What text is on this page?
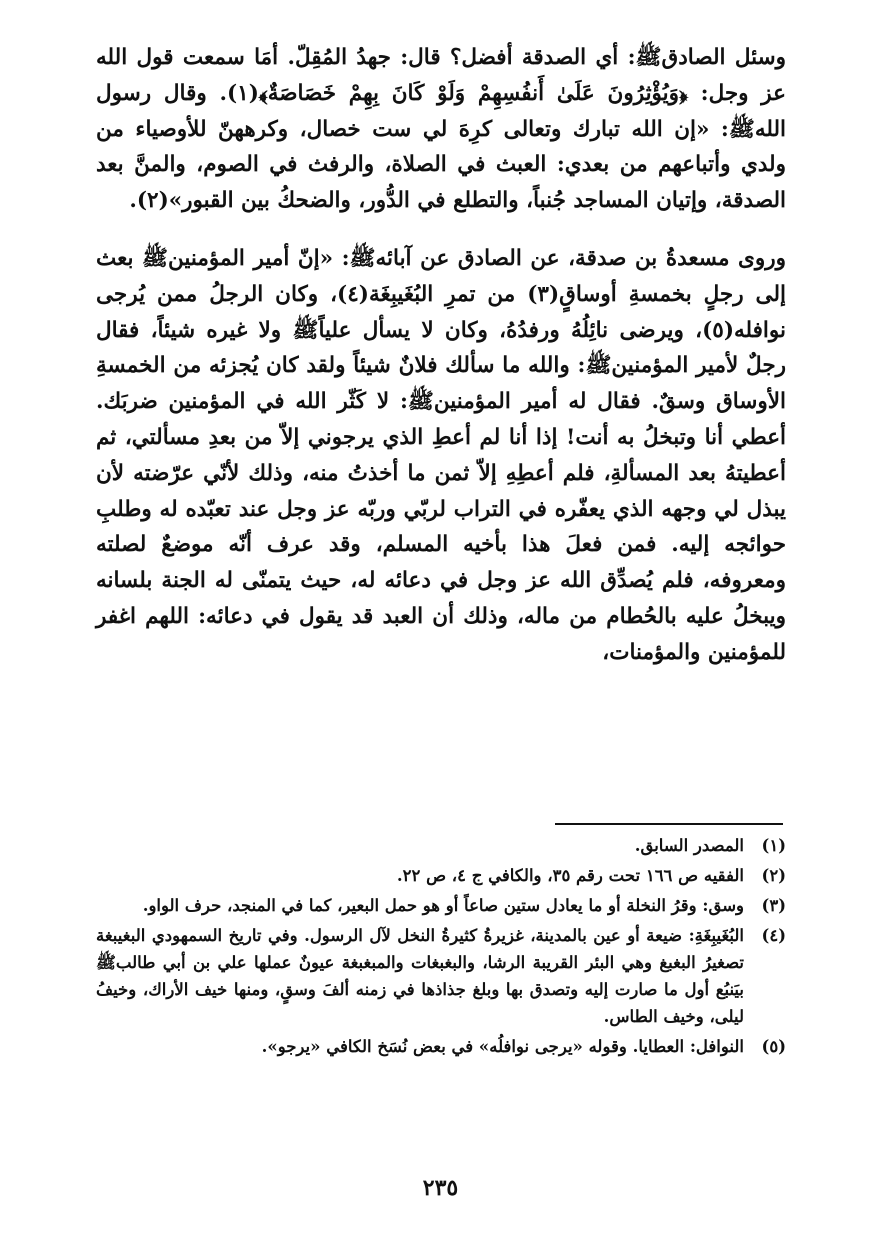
وسئل الصادقﷺ: أي الصدقة أفضل؟ قال: جهدُ المُقِلّ. أمَا سمعت قول الله عز وجل: ﴿وَيُؤْثِرُونَ عَلَىٰ أَنفُسِهِمْ وَلَوْ كَانَ بِهِمْ خَصَاصَةٌ﴾(١). وقال رسول اللهﷺ: «إن الله تبارك وتعالى كرِهَ لي ست خصال، وكرههنّ للأوصياء من ولدي وأتباعهم من بعدي: العبث في الصلاة، والرفث في الصوم، والمنَّ بعد الصدقة، وإتيان المساجد جُنباً، والتطلع في الدُّور، والضحكُ بين القبور»(٢).

وروى مسعدةُ بن صدقة، عن الصادق عن آبائهﷺ: «إنّ أمير المؤمنينﷺ بعث إلى رجلٍ بخمسةِ أوساقٍ(٣) من تمرِ البُغَيبِغَة(٤)، وكان الرجلُ ممن يُرجى نوافله(٥)، ويرضى نائِلُهُ ورفدُهُ، وكان لا يسأل علياًﷺ ولا غيره شيئاً، فقال رجلٌ لأمير المؤمنينﷺ: والله ما سألك فلانٌ شيئاً ولقد كان يُجزئه من الخمسةِ الأوساق وسقٌ. فقال له أمير المؤمنينﷺ: لا كَثّر الله في المؤمنين ضربَك. أعطي أنا وتبخلُ به أنت! إذا أنا لم أعطِ الذي يرجوني إلاّ من بعدِ مسألتي، ثم أعطيتهُ بعد المسألةِ، فلم أعطِهِ إلاّ ثمن ما أخذتُ منه، وذلك لأنّي عرّضته لأن يبذل لي وجهه الذي يعفّره في التراب لربّي وربّه عز وجل عند تعبّده له وطلبِ حوائجه إليه. فمن فعلَ هذا بأخيه المسلم، وقد عرف أنّه موضعٌ لصلته ومعروفه، فلم يُصدِّق الله عز وجل في دعائه له، حيث يتمنّى له الجنة بلسانه ويبخلُ عليه بالحُطام من ماله، وذلك أن العبد قد يقول في دعائه: اللهم اغفر للمؤمنين والمؤمنات،

(١)
المصدر السابق.
(٢)
الفقيه ص ١٦٦ تحت رقم ٣٥، والكافي ج ٤، ص ٢٢.
(٣)
وسق: وقرُ النخلة أو ما يعادل ستين صاعاً أو هو حمل البعير، كما في المنجد، حرف الواو.
(٤)
البُغَيبِغَةِ: ضيعة أو عين بالمدينة، غزيرةُ كثيرةُ النخل لآل الرسول. وفي تاريخ السمهودي البغيبغة تصغيرُ البغبغ وهي البئر القريبة الرشا، والبغبغات والمبغبغة عيونٌ عملها علي بن أبي طالبﷺ بيَنبُع أول ما صارت إليه وتصدق بها وبلغ جذاذها في زمنه ألفَ وسقٍ، ومنها خيف الأراك، وخيفُ ليلى، وخيف الطاس.
(٥)
النوافل: العطايا. وقوله «يرجى نوافلُه» في بعض نُسَخ الكافي «يرجو».
٢٣٥
